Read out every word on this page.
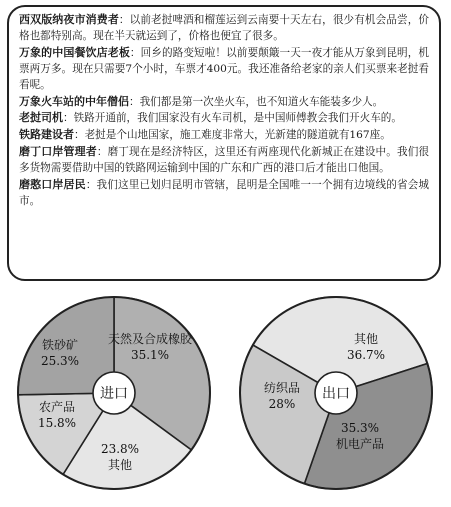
西双版纳夜市消费者：以前老挝啤酒和榴莲运到云南要十天左右，很少有机会品尝，价格也都特别高。现在半天就运到了，价格也便宜了很多。

万象的中国餐饮店老板：回乡的路变短啦！以前要颠簸一天一夜才能从万象到昆明，机票两万多。现在只需要7个小时，车票才400元。我还准备给老家的亲人们买票来老挝看看呢。

万象火车站的中年僧侣：我们都是第一次坐火车，也不知道火车能装多少人。

老挝司机：铁路开通前，我们国家没有火车司机，是中国师傅教会我们开火车的。

铁路建设者：老挝是个山地国家，施工难度非常大，光新建的隧道就有167座。

磨丁口岸管理者：磨丁现在是经济特区，这里还有两座现代化新城正在建设中。我们很多货物需要借助中国的铁路网运输到中国的广东和广西的港口后才能出口他国。

磨憨口岸居民：我们这里已划归昆明市管辖，昆明是全国唯一一个拥有边境线的省会城市。

进口
天然及合成橡胶
35.1%
23.8%
其他
农产品
15.8%
铁砂矿
25.3%
出口
其他
36.7%
35.3%
机电产品
纺织品
28%
